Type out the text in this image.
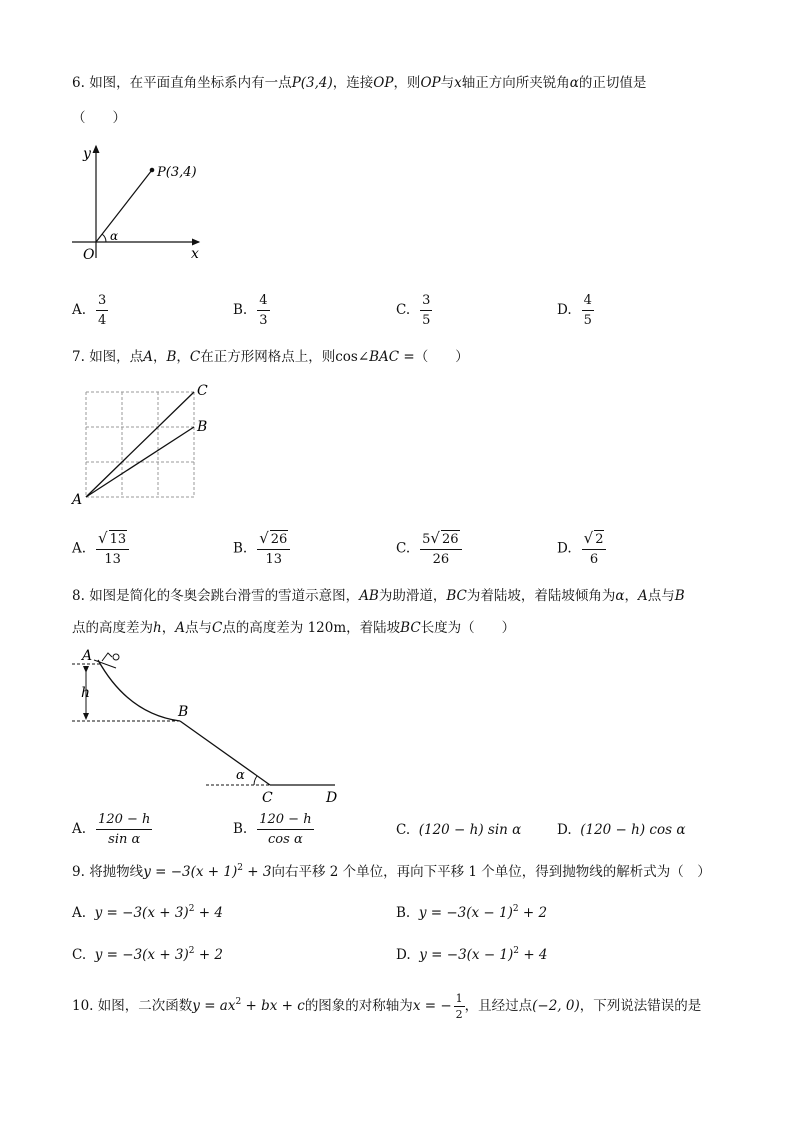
6. 如图，在平面直角坐标系内有一点P(3,4)，连接OP，则OP与x轴正方向所夹锐角α的正切值是
（　　）
y
x
O
P(3,4)
α
A. $\frac{3}{4}$	B. $\frac{4}{3}$	C. $\frac{3}{5}$	D. $\frac{4}{5}$
7. 如图，点A，B，C在正方形网格点上，则cos∠BAC =（　　）
A
B
C
A. $\frac{√ 13}{13}$	B. $\frac{√ 26}{13}$	C. $\frac{5√ 26}{26}$	D. $\frac{√ 2}{6}$
8. 如图是简化的冬奥会跳台滑雪的雪道示意图，AB为助滑道，BC为着陆坡，着陆坡倾角为α，A点与B
点的高度差为h，A点与C点的高度差为 120m，着陆坡BC长度为（　　）
A
h
B
α
C	D
A. $\frac{120 - h}{\text{sin α}}$	B. $\frac{120 - h}{\text{cos α}}$	C. (120 − h) sin α	D. (120 − h) cos α
9. 将抛物线$y = -3(x + 1)^2 + 3$向右平移 2 个单位，再向下平移 1 个单位，得到抛物线的解析式为（　）
A. $y = -3(x + 3)^2 + 4$	B. $y = -3(x - 1)^2 + 2$
C. $y = -3(x + 3)^2 + 2$	D. $y = -3(x - 1)^2 + 4$
10. 如图，二次函数$y = ax^2$ + bx + c的图象的对称轴为x = − $\frac{1}{2}$ ，且经过点(−2, 0)，下列说法错误的是
